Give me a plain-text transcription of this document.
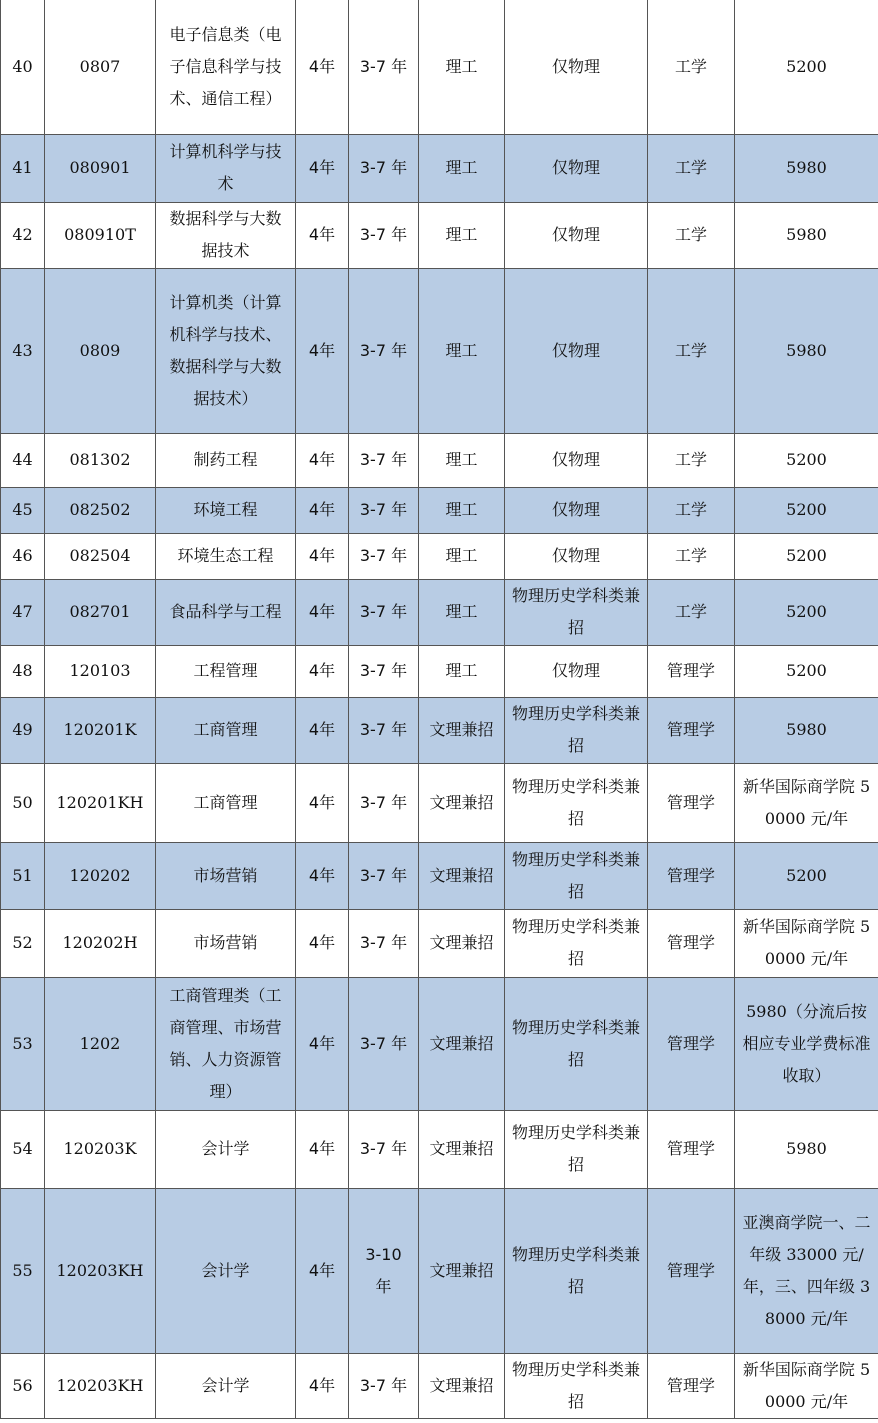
40	0807	电子信息类（电子信息科学与技术、通信工程）	4年	3-7 年	理工	仅物理	工学	5200
41	080901	计算机科学与技术	4年	3-7 年	理工	仅物理	工学	5980
42	080910T	数据科学与大数据技术	4年	3-7 年	理工	仅物理	工学	5980
43	0809	计算机类（计算机科学与技术、数据科学与大数据技术）	4年	3-7 年	理工	仅物理	工学	5980
44	081302	制药工程	4年	3-7 年	理工	仅物理	工学	5200
45	082502	环境工程	4年	3-7 年	理工	仅物理	工学	5200
46	082504	环境生态工程	4年	3-7 年	理工	仅物理	工学	5200
47	082701	食品科学与工程	4年	3-7 年	理工	物理历史学科类兼招	工学	5200
48	120103	工程管理	4年	3-7 年	理工	仅物理	管理学	5200
49	120201K	工商管理	4年	3-7 年	文理兼招	物理历史学科类兼招	管理学	5980
50	120201KH	工商管理	4年	3-7 年	文理兼招	物理历史学科类兼招	管理学	新华国际商学院 50000 元/年
51	120202	市场营销	4年	3-7 年	文理兼招	物理历史学科类兼招	管理学	5200
52	120202H	市场营销	4年	3-7 年	文理兼招	物理历史学科类兼招	管理学	新华国际商学院 50000 元/年
53	1202	工商管理类（工商管理、市场营销、人力资源管理）	4年	3-7 年	文理兼招	物理历史学科类兼招	管理学	5980（分流后按相应专业学费标准收取）
54	120203K	会计学	4年	3-7 年	文理兼招	物理历史学科类兼招	管理学	5980
55	120203KH	会计学	4年	3-10 年	文理兼招	物理历史学科类兼招	管理学	亚澳商学院一、二年级 33000 元/年，三、四年级 38000 元/年
56	120203KH	会计学	4年	3-7 年	文理兼招	物理历史学科类兼招	管理学	新华国际商学院 50000 元/年
